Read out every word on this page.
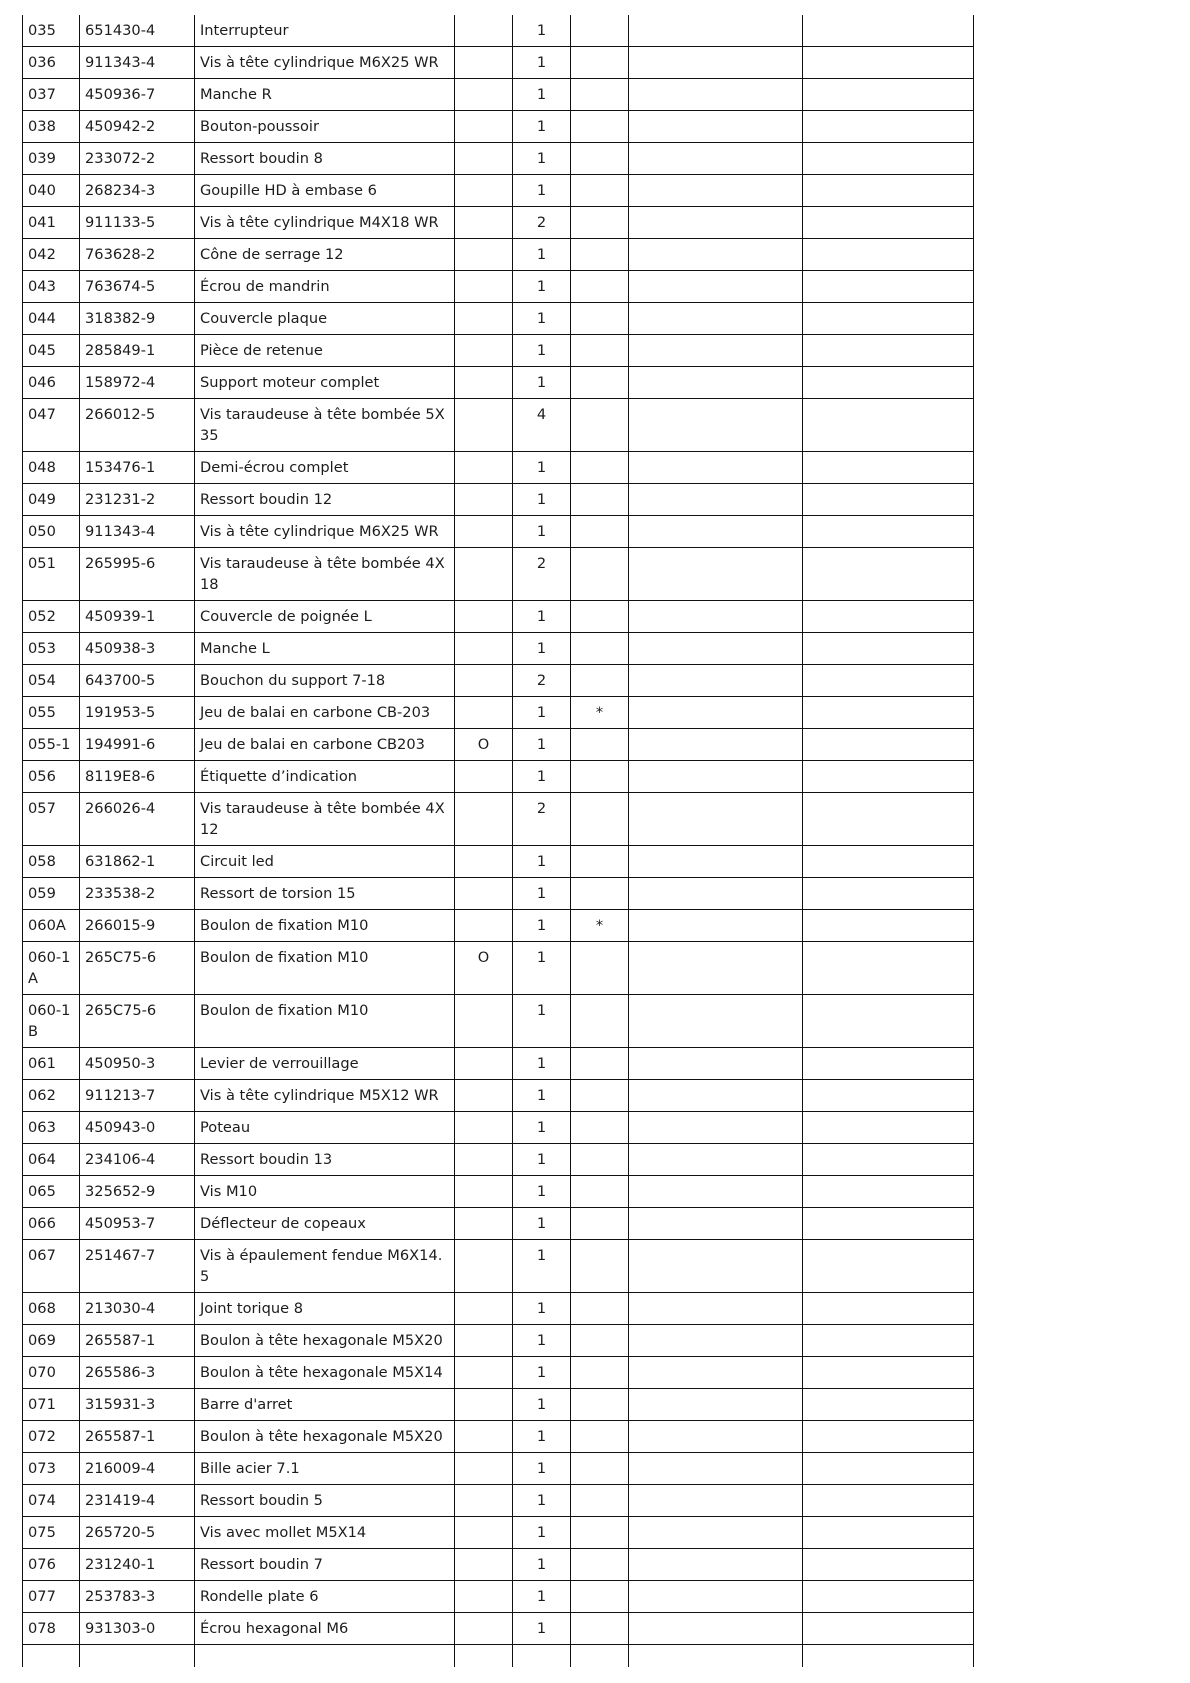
035	651430-4	Interrupteur		1			
036	911343-4	Vis à tête cylindrique M6X25 WR		1			
037	450936-7	Manche R		1			
038	450942-2	Bouton-poussoir		1			
039	233072-2	Ressort boudin 8		1			
040	268234-3	Goupille HD à embase 6		1			
041	911133-5	Vis à tête cylindrique M4X18 WR		2			
042	763628-2	Cône de serrage 12		1			
043	763674-5	Écrou de mandrin		1			
044	318382-9	Couvercle plaque		1			
045	285849-1	Pièce de retenue		1			
046	158972-4	Support moteur complet		1			
047	266012-5	Vis taraudeuse à tête bombée 5X 35		4			
048	153476-1	Demi-écrou complet		1			
049	231231-2	Ressort boudin 12		1			
050	911343-4	Vis à tête cylindrique M6X25 WR		1			
051	265995-6	Vis taraudeuse à tête bombée 4X 18		2			
052	450939-1	Couvercle de poignée L		1			
053	450938-3	Manche L		1			
054	643700-5	Bouchon du support 7-18		2			
055	191953-5	Jeu de balai en carbone CB-203		1	*		
055-1	194991-6	Jeu de balai en carbone CB203	O	1			
056	8119E8-6	Étiquette d’indication		1			
057	266026-4	Vis taraudeuse à tête bombée 4X 12		2			
058	631862-1	Circuit led		1			
059	233538-2	Ressort de torsion 15		1			
060A	266015-9	Boulon de fixation M10		1	*		
060-1 A	265C75-6	Boulon de fixation M10	O	1			
060-1 B	265C75-6	Boulon de fixation M10		1			
061	450950-3	Levier de verrouillage		1			
062	911213-7	Vis à tête cylindrique M5X12 WR		1			
063	450943-0	Poteau		1			
064	234106-4	Ressort boudin 13		1			
065	325652-9	Vis M10		1			
066	450953-7	Déflecteur de copeaux		1			
067	251467-7	Vis à épaulement fendue M6X14. 5		1			
068	213030-4	Joint torique 8		1			
069	265587-1	Boulon à tête hexagonale M5X20		1			
070	265586-3	Boulon à tête hexagonale M5X14		1			
071	315931-3	Barre d'arret		1			
072	265587-1	Boulon à tête hexagonale M5X20		1			
073	216009-4	Bille acier 7.1		1			
074	231419-4	Ressort boudin 5		1			
075	265720-5	Vis avec mollet M5X14		1			
076	231240-1	Ressort boudin 7		1			
077	253783-3	Rondelle plate 6		1			
078	931303-0	Écrou hexagonal M6		1			
